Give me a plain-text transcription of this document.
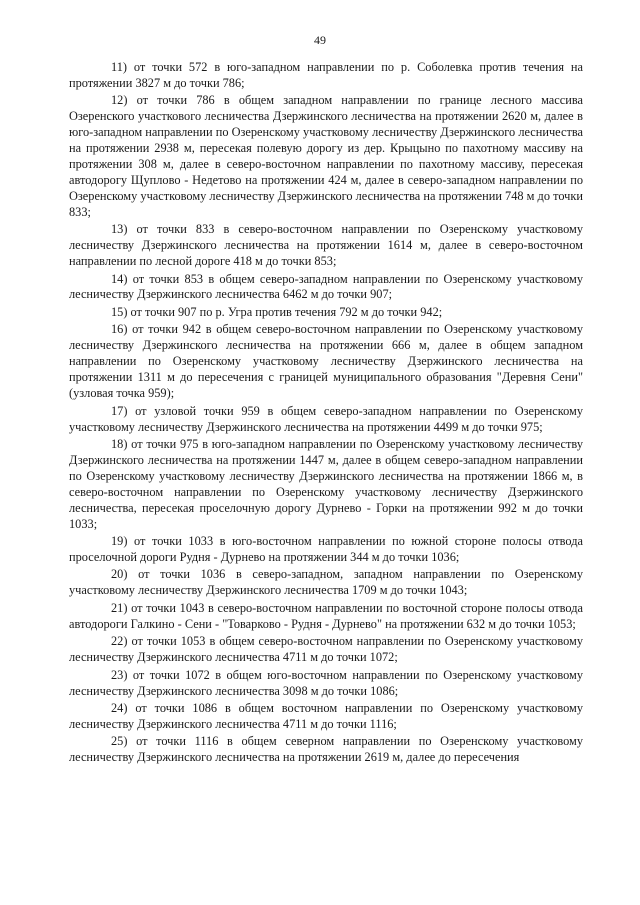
49

11) от точки 572 в юго-западном направлении по р. Соболевка против течения на протяжении 3827 м до точки 786;

12) от точки 786 в общем западном направлении по границе лесного массива Озеренского участкового лесничества Дзержинского лесничества на протяжении 2620 м, далее в юго-западном направлении по Озеренскому участковому лесничеству Дзержинского лесничества на протяжении 2938 м, пересекая полевую дорогу из дер. Крыцыно по пахотному массиву на протяжении 308 м, далее в северо-восточном направлении по пахотному массиву, пересекая автодорогу Щуплово - Недетово на протяжении 424 м, далее в северо-западном направлении по Озеренскому участковому лесничеству Дзержинского лесничества на протяжении 748 м до точки 833;

13) от точки 833 в северо-восточном направлении по Озеренскому участковому лесничеству Дзержинского лесничества на протяжении 1614 м, далее в северо-восточном направлении по лесной дороге 418 м до точки 853;

14) от точки 853 в общем северо-западном направлении по Озеренскому участковому лесничеству Дзержинского лесничества 6462 м до точки 907;

15) от точки 907 по р. Угра против течения 792 м до точки 942;

16) от точки 942 в общем северо-восточном направлении по Озеренскому участковому лесничеству Дзержинского лесничества на протяжении 666 м, далее в общем западном направлении по Озеренскому участковому лесничеству Дзержинского лесничества на протяжении 1311 м до пересечения с границей муниципального образования "Деревня Сени" (узловая точка 959);

17) от узловой точки 959 в общем северо-западном направлении по Озеренскому участковому лесничеству Дзержинского лесничества на протяжении 4499 м до точки 975;

18) от точки 975 в юго-западном направлении по Озеренскому участковому лесничеству Дзержинского лесничества на протяжении 1447 м, далее в общем северо-западном направлении по Озеренскому участковому лесничеству Дзержинского лесничества на протяжении 1866 м, в северо-восточном направлении по Озеренскому участковому лесничеству Дзержинского лесничества, пересекая проселочную дорогу Дурнево - Горки на протяжении 992 м до точки 1033;

19) от точки 1033 в юго-восточном направлении по южной стороне полосы отвода проселочной дороги Рудня - Дурнево на протяжении 344 м до точки 1036;

20) от точки 1036 в северо-западном, западном направлении по Озеренскому участковому лесничеству Дзержинского лесничества 1709 м до точки 1043;

21) от точки 1043 в северо-восточном направлении по восточной стороне полосы отвода автодороги Галкино - Сени - "Товарково - Рудня - Дурнево" на протяжении 632 м до точки 1053;

22) от точки 1053 в общем северо-восточном направлении по Озеренскому участковому лесничеству Дзержинского лесничества 4711 м до точки 1072;

23) от точки 1072 в общем юго-восточном направлении по Озеренскому участковому лесничеству Дзержинского лесничества 3098 м до точки 1086;

24) от точки 1086 в общем восточном направлении по Озеренскому участковому лесничеству Дзержинского лесничества 4711 м до точки 1116;

25) от точки 1116 в общем северном направлении по Озеренскому участковому лесничеству Дзержинского лесничества на протяжении 2619 м, далее до пересечения
